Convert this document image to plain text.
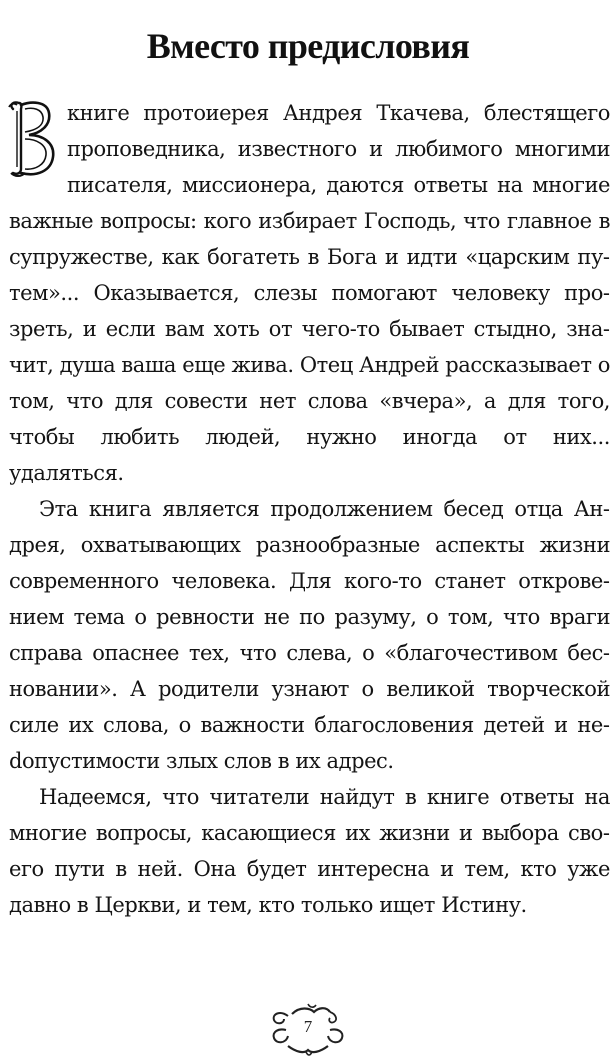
Вместо предисловия

книге протоиерея Андрея Ткачева, блестящего проповедника, известного и любимого многими писателя, миссионера, даются ответы на многие важные вопросы: кого избирает Господь, что главное в супружестве, как богатеть в Бога и идти «царским путем»... Оказывается, слезы помогают человеку прозреть, и если вам хоть от чего-то бывает стыдно, значит, душа ваша еще жива. Отец Андрей рассказывает о том, что для совести нет слова «вчера», а для того, чтобы любить людей, нужно иногда от них... удаляться.

Эта книга является продолжением бесед отца Андрея, охватывающих разнообразные аспекты жизни современного человека. Для кого-то станет откровением тема о ревности не по разуму, о том, что враги справа опаснее тех, что слева, о «благочестивом бесновании». А родители узнают о великой творческой силе их слова, о важности благословения детей и неdопустимости злых слов в их адрес.

Надеемся, что читатели найдут в книге ответы на многие вопросы, касающиеся их жизни и выбора своего пути в ней. Она будет интересна и тем, кто уже давно в Церкви, и тем, кто только ищет Истину.

7
